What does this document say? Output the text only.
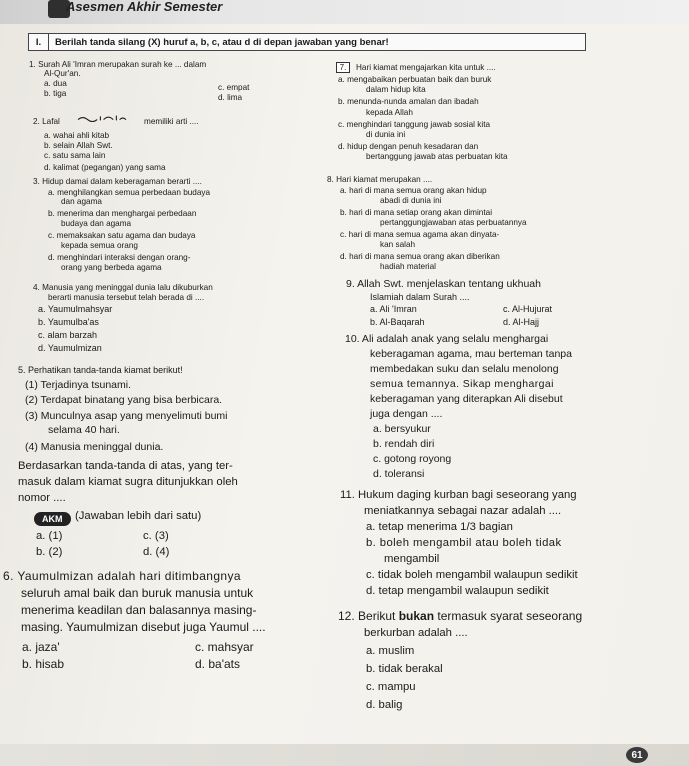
Asesmen Akhir Semester
I.	Berilah tanda silang (X) huruf a, b, c, atau d di depan jawaban yang benar!
1. Surah Ali 'Imran merupakan surah ke ... dalam
Al-Qur'an.
a. dua
b. tiga
c. empat
d. lima
2. Lafal	memiliki arti ....
a. wahai ahli kitab
b. selain Allah Swt.
c. satu sama lain
d. kalimat (pegangan) yang sama
3. Hidup damai dalam keberagaman berarti ....
a. menghilangkan semua perbedaan budaya
dan agama
b. menerima dan menghargai perbedaan
budaya dan agama
c. memaksakan satu agama dan budaya
kepada semua orang
d. menghindari interaksi dengan orang-
orang yang berbeda agama
4. Manusia yang meninggal dunia lalu dikuburkan
berarti manusia tersebut telah berada di ....
a. Yaumulmahsyar
b. Yaumulba'as
c. alam barzah
d. Yaumulmizan
5. Perhatikan tanda-tanda kiamat berikut!
(1) Terjadinya tsunami.
(2) Terdapat binatang yang bisa berbicara.
(3) Munculnya asap yang menyelimuti bumi
selama 40 hari.
(4) Manusia meninggal dunia.
Berdasarkan tanda-tanda di atas, yang ter-
masuk dalam kiamat sugra ditunjukkan oleh
nomor ....
AKM	(Jawaban lebih dari satu)
a. (1)
b. (2)
c. (3)
d. (4)
6. Yaumulmizan adalah hari ditimbangnya
seluruh amal baik dan buruk manusia untuk
menerima keadilan dan balasannya masing-
masing. Yaumulmizan disebut juga Yaumul ....
a. jaza'
b. hisab
c. mahsyar
d. ba'ats
7.	Hari kiamat mengajarkan kita untuk ....
a. mengabaikan perbuatan baik dan buruk
dalam hidup kita
b. menunda-nunda amalan dan ibadah
kepada Allah
c. menghindari tanggung jawab sosial kita
di dunia ini
d. hidup dengan penuh kesadaran dan
bertanggung jawab atas perbuatan kita
8. Hari kiamat merupakan ....
a. hari di mana semua orang akan hidup
abadi di dunia ini
b. hari di mana setiap orang akan dimintai
pertanggungjawaban atas perbuatannya
c. hari di mana semua agama akan dinyata-
kan salah
d. hari di mana semua orang akan diberikan
hadiah material
9. Allah Swt. menjelaskan tentang ukhuah
Islamiah dalam Surah ....
a. Ali 'Imran
b. Al-Baqarah
c. Al-Hujurat
d. Al-Hajj
10. Ali adalah anak yang selalu menghargai
keberagaman agama, mau berteman tanpa
membedakan suku dan selalu menolong
semua temannya. Sikap menghargai
keberagaman yang diterapkan Ali disebut
juga dengan ....
a. bersyukur
b. rendah diri
c. gotong royong
d. toleransi
11. Hukum daging kurban bagi seseorang yang
meniatkannya sebagai nazar adalah ....
a. tetap menerima 1/3 bagian
b. boleh mengambil atau boleh tidak
mengambil
c. tidak boleh mengambil walaupun sedikit
d. tetap mengambil walaupun sedikit
12. Berikut bukan termasuk syarat seseorang
berkurban adalah ....
a. muslim
b. tidak berakal
c. mampu
d. balig
61
